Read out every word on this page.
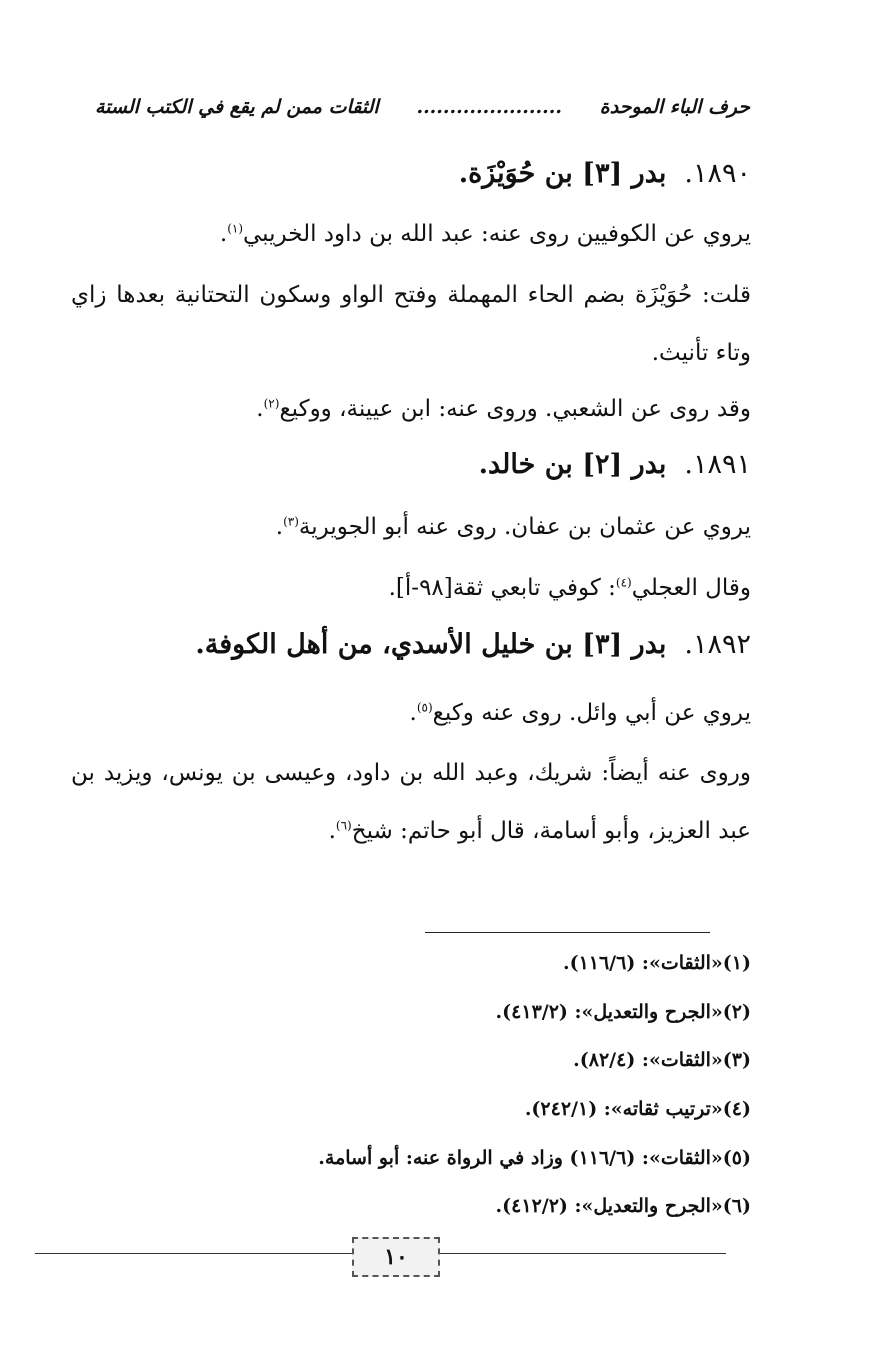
حرف الباء الموحدة
......................
الثقات ممن لم يقع في الكتب الستة
١٨٩٠.بدر [٣] بن حُوَيْزَة.
يروي عن الكوفيين روى عنه: عبد الله بن داود الخريبي$^{(١)}$.
قلت: حُوَيْزَة بضم الحاء المهملة وفتح الواو وسكون التحتانية بعدها زاي وتاء تأنيث.
وقد روى عن الشعبي. وروى عنه: ابن عيينة، ووكيع$^{(٢)}$.
١٨٩١.بدر [٢] بن خالد.
يروي عن عثمان بن عفان. روى عنه أبو الجويرية$^{(٣)}$.
وقال العجلي$^{(٤)}$: كوفي تابعي ثقة[٩٨-أ].
١٨٩٢.بدر [٣] بن خليل الأسدي، من أهل الكوفة.
يروي عن أبي وائل. روى عنه وكيع$^{(٥)}$.
وروى عنه أيضاً: شريك، وعبد الله بن داود، وعيسى بن يونس، ويزيد بن عبد العزيز، وأبو أسامة، قال أبو حاتم: شيخ$^{(٦)}$.
(١)«الثقات»: (١١٦/٦).
(٢)«الجرح والتعديل»: (٤١٣/٢).
(٣)«الثقات»: (٨٢/٤).
(٤)«ترتيب ثقاته»: (٢٤٢/١).
(٥)«الثقات»: (١١٦/٦) وزاد في الرواة عنه: أبو أسامة.
(٦)«الجرح والتعديل»: (٤١٢/٢).
١٠
